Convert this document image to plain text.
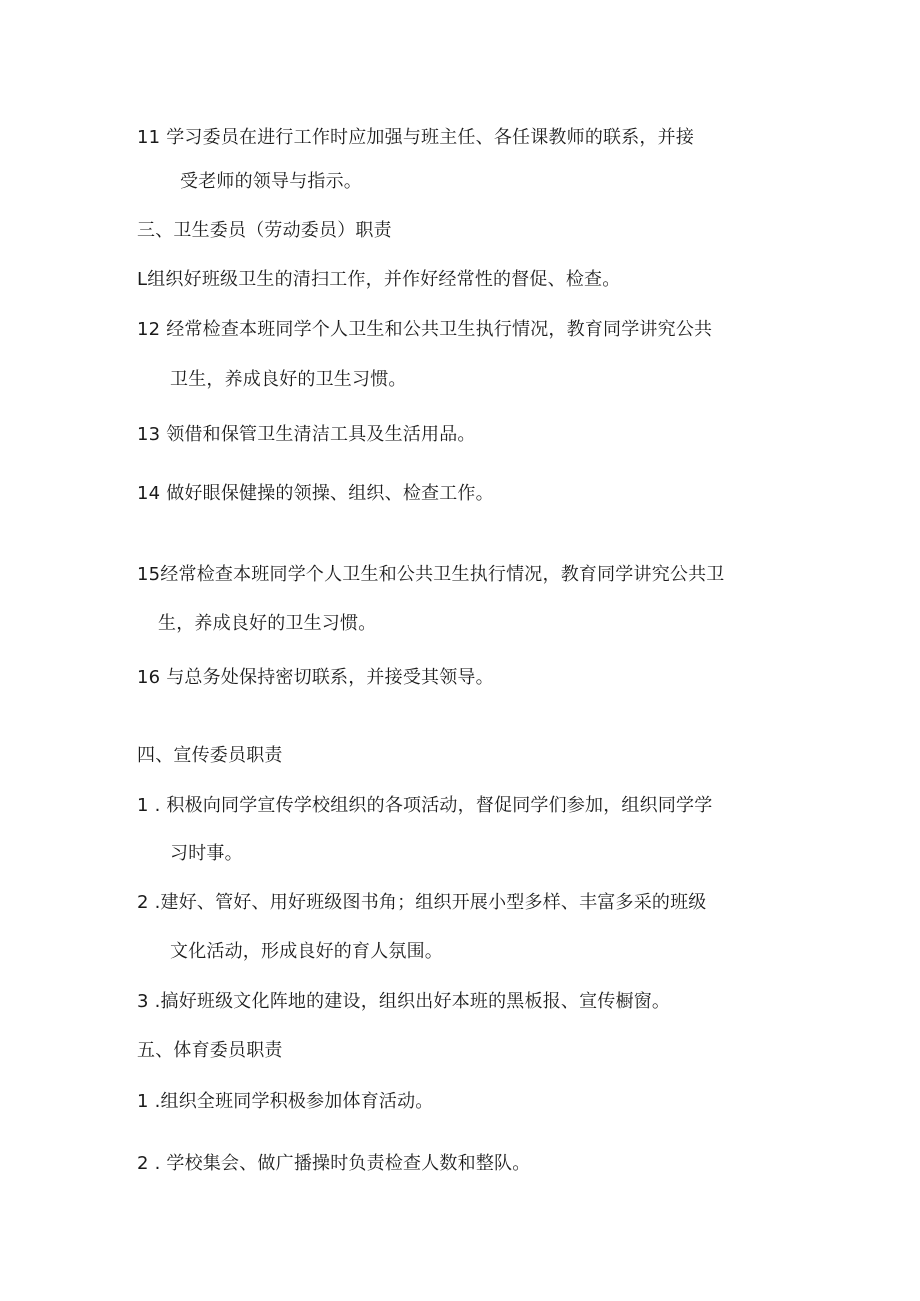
11 学习委员在进行工作时应加强与班主任、各任课教师的联系，并接
受老师的领导与指示。
三、卫生委员（劳动委员）职责
L组织好班级卫生的清扫工作，并作好经常性的督促、检查。
12 经常检查本班同学个人卫生和公共卫生执行情况，教育同学讲究公共
卫生，养成良好的卫生习惯。
13 领借和保管卫生清洁工具及生活用品。
14 做好眼保健操的领操、组织、检查工作。
15经常检查本班同学个人卫生和公共卫生执行情况，教育同学讲究公共卫
生，养成良好的卫生习惯。
16 与总务处保持密切联系，并接受其领导。
四、宣传委员职责
1 . 积极向同学宣传学校组织的各项活动，督促同学们参加，组织同学学
习时事。
2 .建好、管好、用好班级图书角；组织开展小型多样、丰富多采的班级
文化活动，形成良好的育人氛围。
3 .搞好班级文化阵地的建设，组织出好本班的黑板报、宣传橱窗。
五、体育委员职责
1 .组织全班同学积极参加体育活动。
2 . 学校集会、做广播操时负责检查人数和整队。
